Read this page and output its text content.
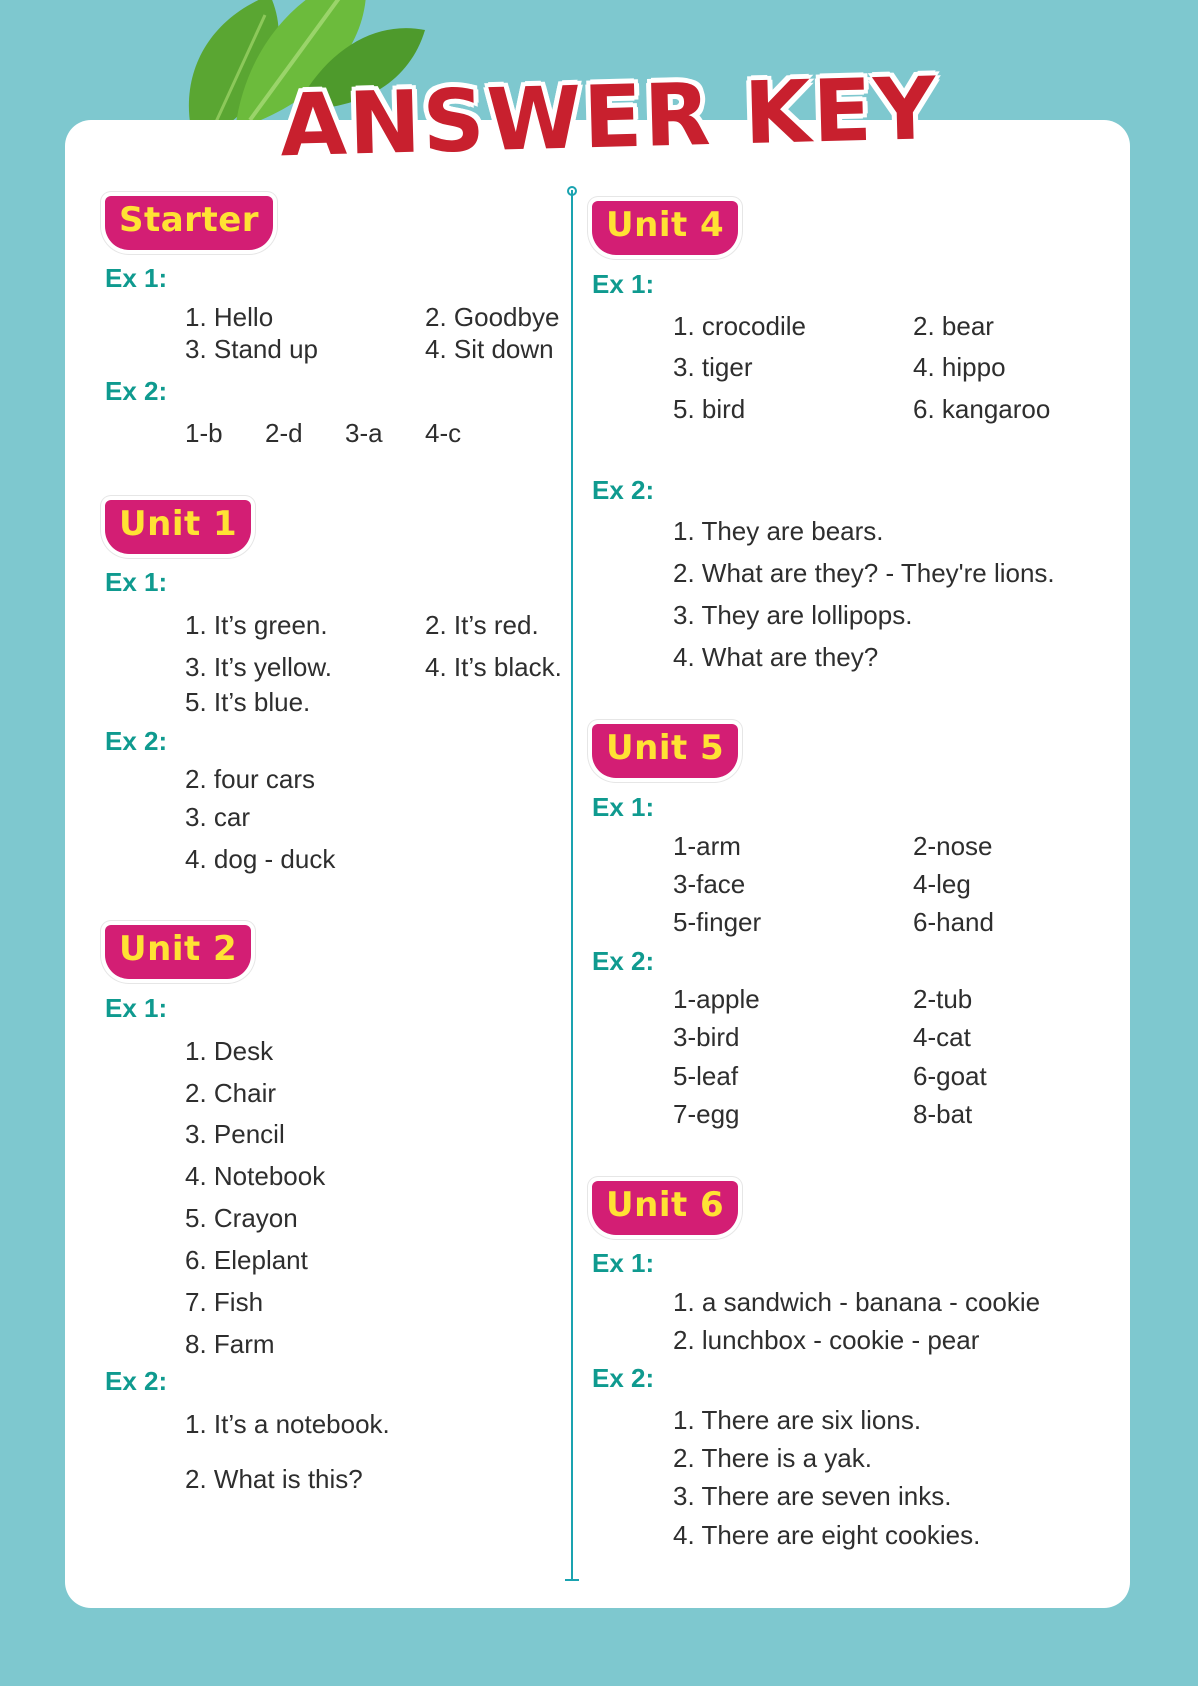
ANSWER KEY
Starter
Ex 1:
1. Hello	2. Goodbye
3. Stand up	4. Sit down
Ex 2:
1-b 2-d 3-a 4-c
Unit 1
Ex 1:
1. It’s green.	2. It’s red.
3. It’s yellow.	4. It’s black.
5. It’s blue.
Ex 2:
2. four cars
3. car
4. dog - duck
Unit 2
Ex 1:
1. Desk
2. Chair
3. Pencil
4. Notebook
5. Crayon
6. Eleplant
7. Fish
8. Farm
Ex 2:
1. It’s a notebook.
2. What is this?
Unit 4
Ex 1:
1. crocodile	2. bear
3. tiger	4. hippo
5. bird	6. kangaroo
Ex 2:
1. They are bears.
2. What are they? - They're lions.
3. They are lollipops.
4. What are they?
Unit 5
Ex 1:
1-arm	2-nose
3-face	4-leg
5-finger	6-hand
Ex 2:
1-apple	2-tub
3-bird	4-cat
5-leaf	6-goat
7-egg	8-bat
Unit 6
Ex 1:
1. a sandwich - banana - cookie
2. lunchbox - cookie - pear
Ex 2:
1. There are six lions.
2. There is a yak.
3. There are seven inks.
4. There are eight cookies.
